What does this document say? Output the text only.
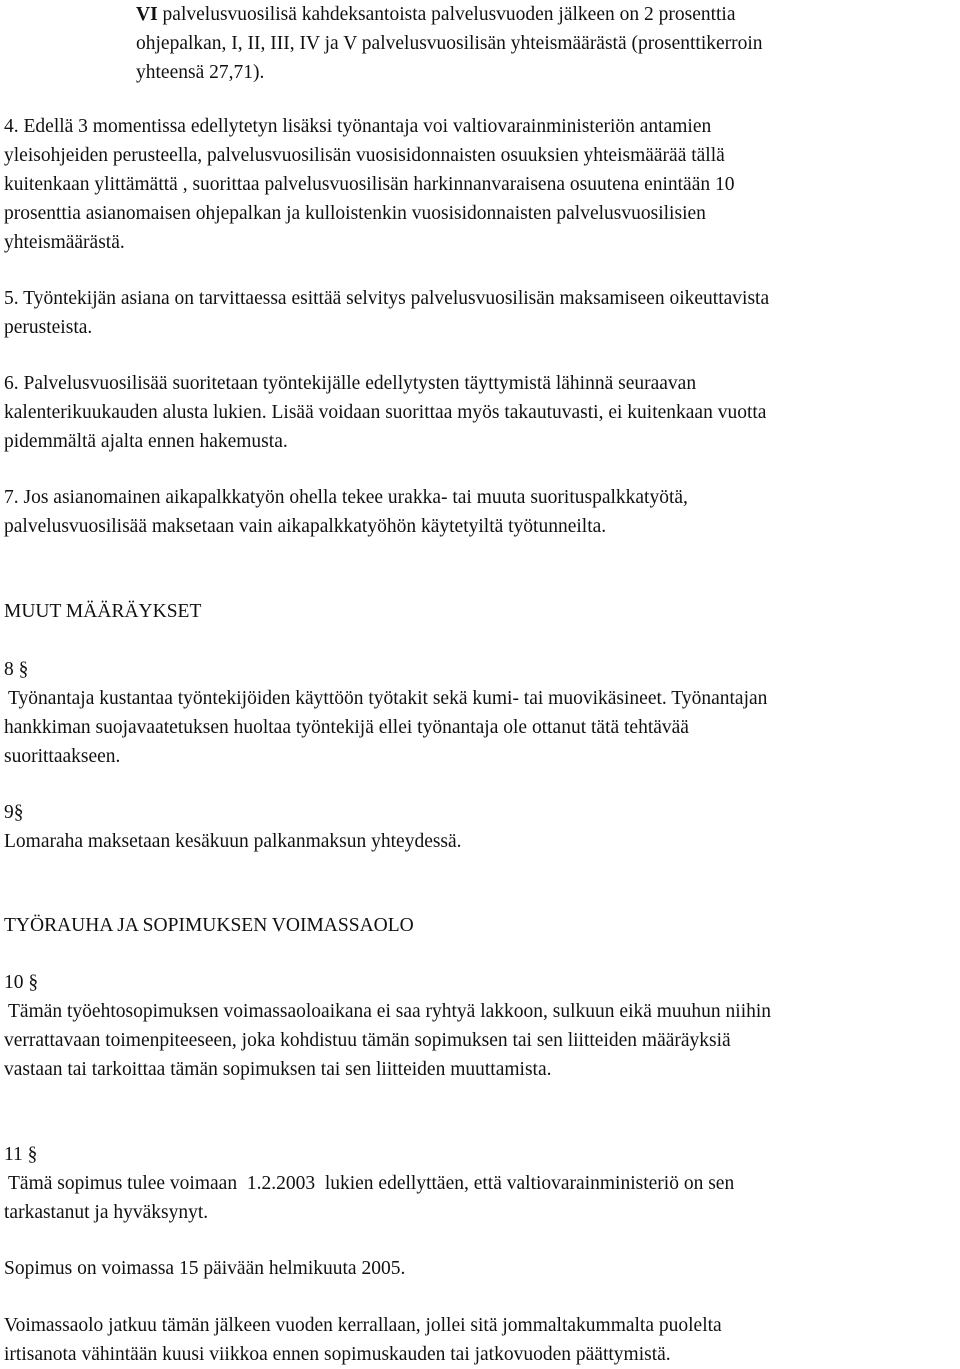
VI palvelusvuosilisä kahdeksantoista palvelusvuoden jälkeen on 2 prosenttia
ohjepalkan, I, II, III, IV ja V palvelusvuosilisän yhteismäärästä (prosenttikerroin
yhteensä 27,71).
4. Edellä 3 momentissa edellytetyn lisäksi työnantaja voi valtiovarainministeriön antamien
yleisohjeiden perusteella, palvelusvuosilisän vuosisidonnaisten osuuksien yhteismäärää tällä
kuitenkaan ylittämättä , suorittaa palvelusvuosilisän harkinnanvaraisena osuutena enintään 10
prosenttia asianomaisen ohjepalkan ja kulloistenkin vuosisidonnaisten palvelusvuosilisien
yhteismäärästä.
5. Työntekijän asiana on tarvittaessa esittää selvitys palvelusvuosilisän maksamiseen oikeuttavista
perusteista.
6. Palvelusvuosilisää suoritetaan työntekijälle edellytysten täyttymistä lähinnä seuraavan
kalenterikuukauden alusta lukien. Lisää voidaan suorittaa myös takautuvasti, ei kuitenkaan vuotta
pidemmältä ajalta ennen hakemusta.
7. Jos asianomainen aikapalkkatyön ohella tekee urakka- tai muuta suorituspalkkatyötä,
palvelusvuosilisää maksetaan vain aikapalkkatyöhön käytetyiltä työtunneilta.
MUUT MÄÄRÄYKSET
8 §
Työnantaja kustantaa työntekijöiden käyttöön työtakit sekä kumi- tai muovikäsineet. Työnantajan
hankkiman suojavaatetuksen huoltaa työntekijä ellei työnantaja ole ottanut tätä tehtävää
suorittaakseen.
9§
Lomaraha maksetaan kesäkuun palkanmaksun yhteydessä.
TYÖRAUHA JA SOPIMUKSEN VOIMASSAOLO
10 §
Tämän työehtosopimuksen voimassaoloaikana ei saa ryhtyä lakkoon, sulkuun eikä muuhun niihin
verrattavaan toimenpiteeseen, joka kohdistuu tämän sopimuksen tai sen liitteiden määräyksiä
vastaan tai tarkoittaa tämän sopimuksen tai sen liitteiden muuttamista.
11 §
Tämä sopimus tulee voimaan  1.2.2003  lukien edellyttäen, että valtiovarainministeriö on sen
tarkastanut ja hyväksynyt.
Sopimus on voimassa 15 päivään helmikuuta 2005.
Voimassaolo jatkuu tämän jälkeen vuoden kerrallaan, jollei sitä jommaltakummalta puolelta
irtisanota vähintään kuusi viikkoa ennen sopimuskauden tai jatkovuoden päättymistä.
